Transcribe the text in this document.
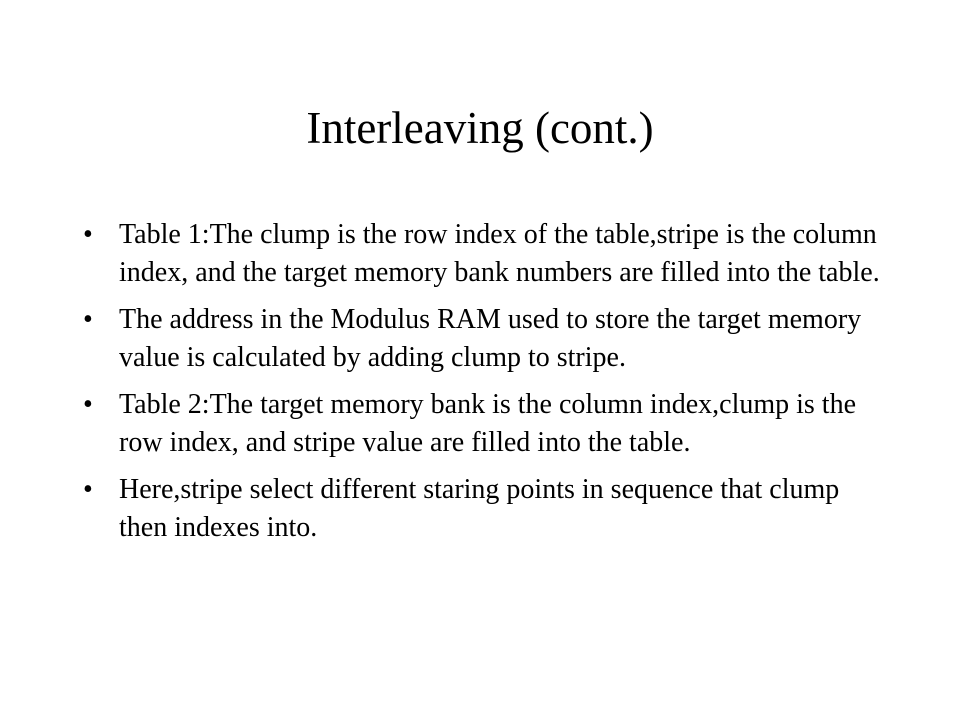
Interleaving (cont.)
• Table 1:The clump is the row index of the table,stripe is the column index, and the target memory bank numbers are filled into the table.
• The address in the Modulus RAM used to store the target memory value is calculated by adding clump to stripe.
• Table 2:The target memory bank is the column index,clump is the row index, and stripe value are filled into the table.
• Here,stripe select different staring points in sequence that clump then indexes into.
